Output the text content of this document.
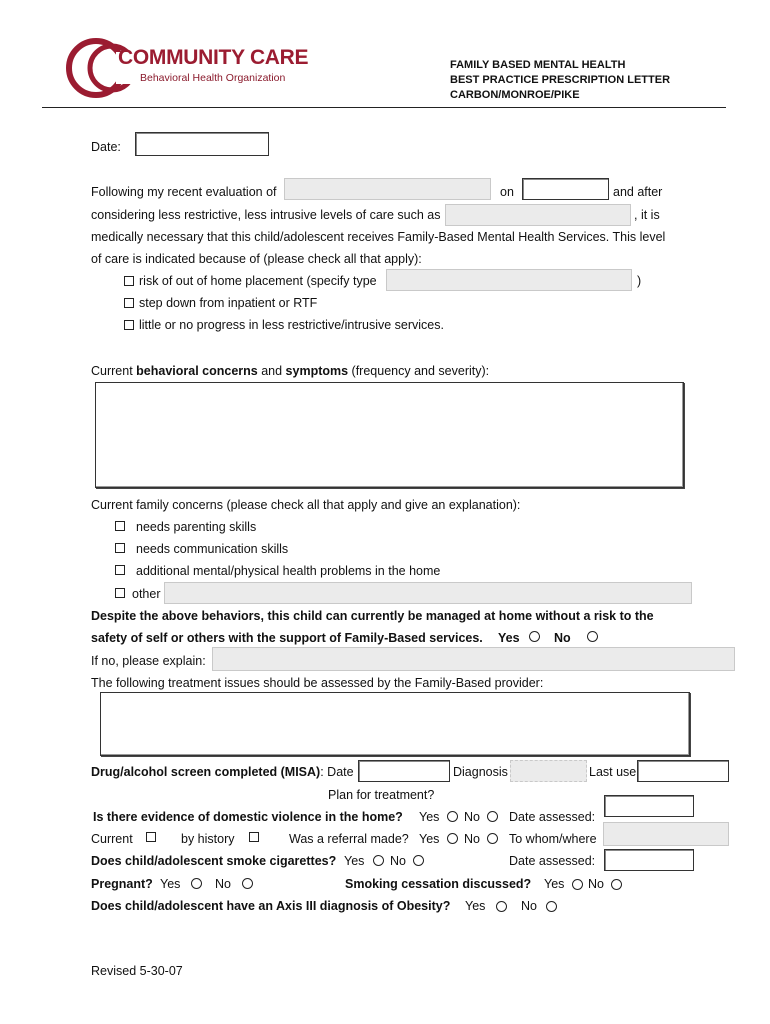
COMMUNITY CARE
Behavioral Health Organization
FAMILY BASED MENTAL HEALTH
BEST PRACTICE PRESCRIPTION LETTER
CARBON/MONROE/PIKE
Date:
Following my recent evaluation of	on	and after
considering less restrictive, less intrusive levels of care such as	, it is
medically necessary that this child/adolescent receives Family-Based Mental Health Services. This level
of care is indicated because of (please check all that apply):
risk of out of home placement (specify type	)
step down from inpatient or RTF
little or no progress in less restrictive/intrusive services.
Current behavioral concerns and symptoms (frequency and severity):
Current family concerns (please check all that apply and give an explanation):
needs parenting skills
needs communication skills
additional mental/physical health problems in the home
other
Despite the above behaviors, this child can currently be managed at home without a risk to the
safety of self or others with the support of Family-Based services. Yes	No
If no, please explain:
The following treatment issues should be assessed by the Family-Based provider:
Drug/alcohol screen completed (MISA): Date	Diagnosis	Last use
Plan for treatment?
Is there evidence of domestic violence in the home? Yes No Date assessed:
Current	by history	Was a referral made? Yes No To whom/where
Does child/adolescent smoke cigarettes? Yes No	Date assessed:
Pregnant? Yes	No	Smoking cessation discussed? Yes No
Does child/adolescent have an Axis III diagnosis of Obesity? Yes	No
Revised 5-30-07
